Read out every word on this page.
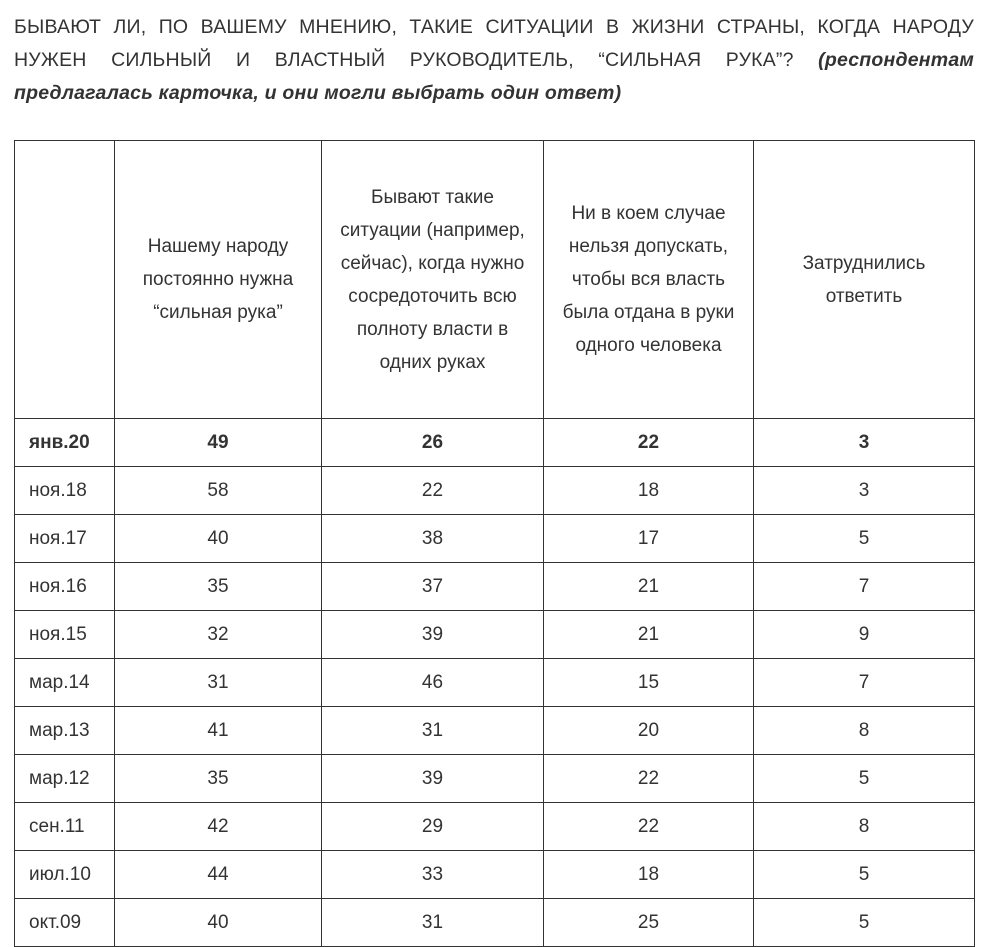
БЫВАЮТ ЛИ, ПО ВАШЕМУ МНЕНИЮ, ТАКИЕ СИТУАЦИИ В ЖИЗНИ СТРАНЫ, КОГДА НАРОДУ НУЖЕН СИЛЬНЫЙ И ВЛАСТНЫЙ РУКОВОДИТЕЛЬ, “СИЛЬНАЯ РУКА”? (респондентам предлагалась карточка, и они могли выбрать один ответ)
	Нашему народу постоянно нужна “сильная рука”	Бывают такие ситуации (например, сейчас), когда нужно сосредоточить всю полноту власти в одних руках	Ни в коем случае нельзя допускать, чтобы вся власть была отдана в руки одного человека	Затруднились ответить
янв.20	49	26	22	3
ноя.18	58	22	18	3
ноя.17	40	38	17	5
ноя.16	35	37	21	7
ноя.15	32	39	21	9
мар.14	31	46	15	7
мар.13	41	31	20	8
мар.12	35	39	22	5
сен.11	42	29	22	8
июл.10	44	33	18	5
окт.09	40	31	25	5
